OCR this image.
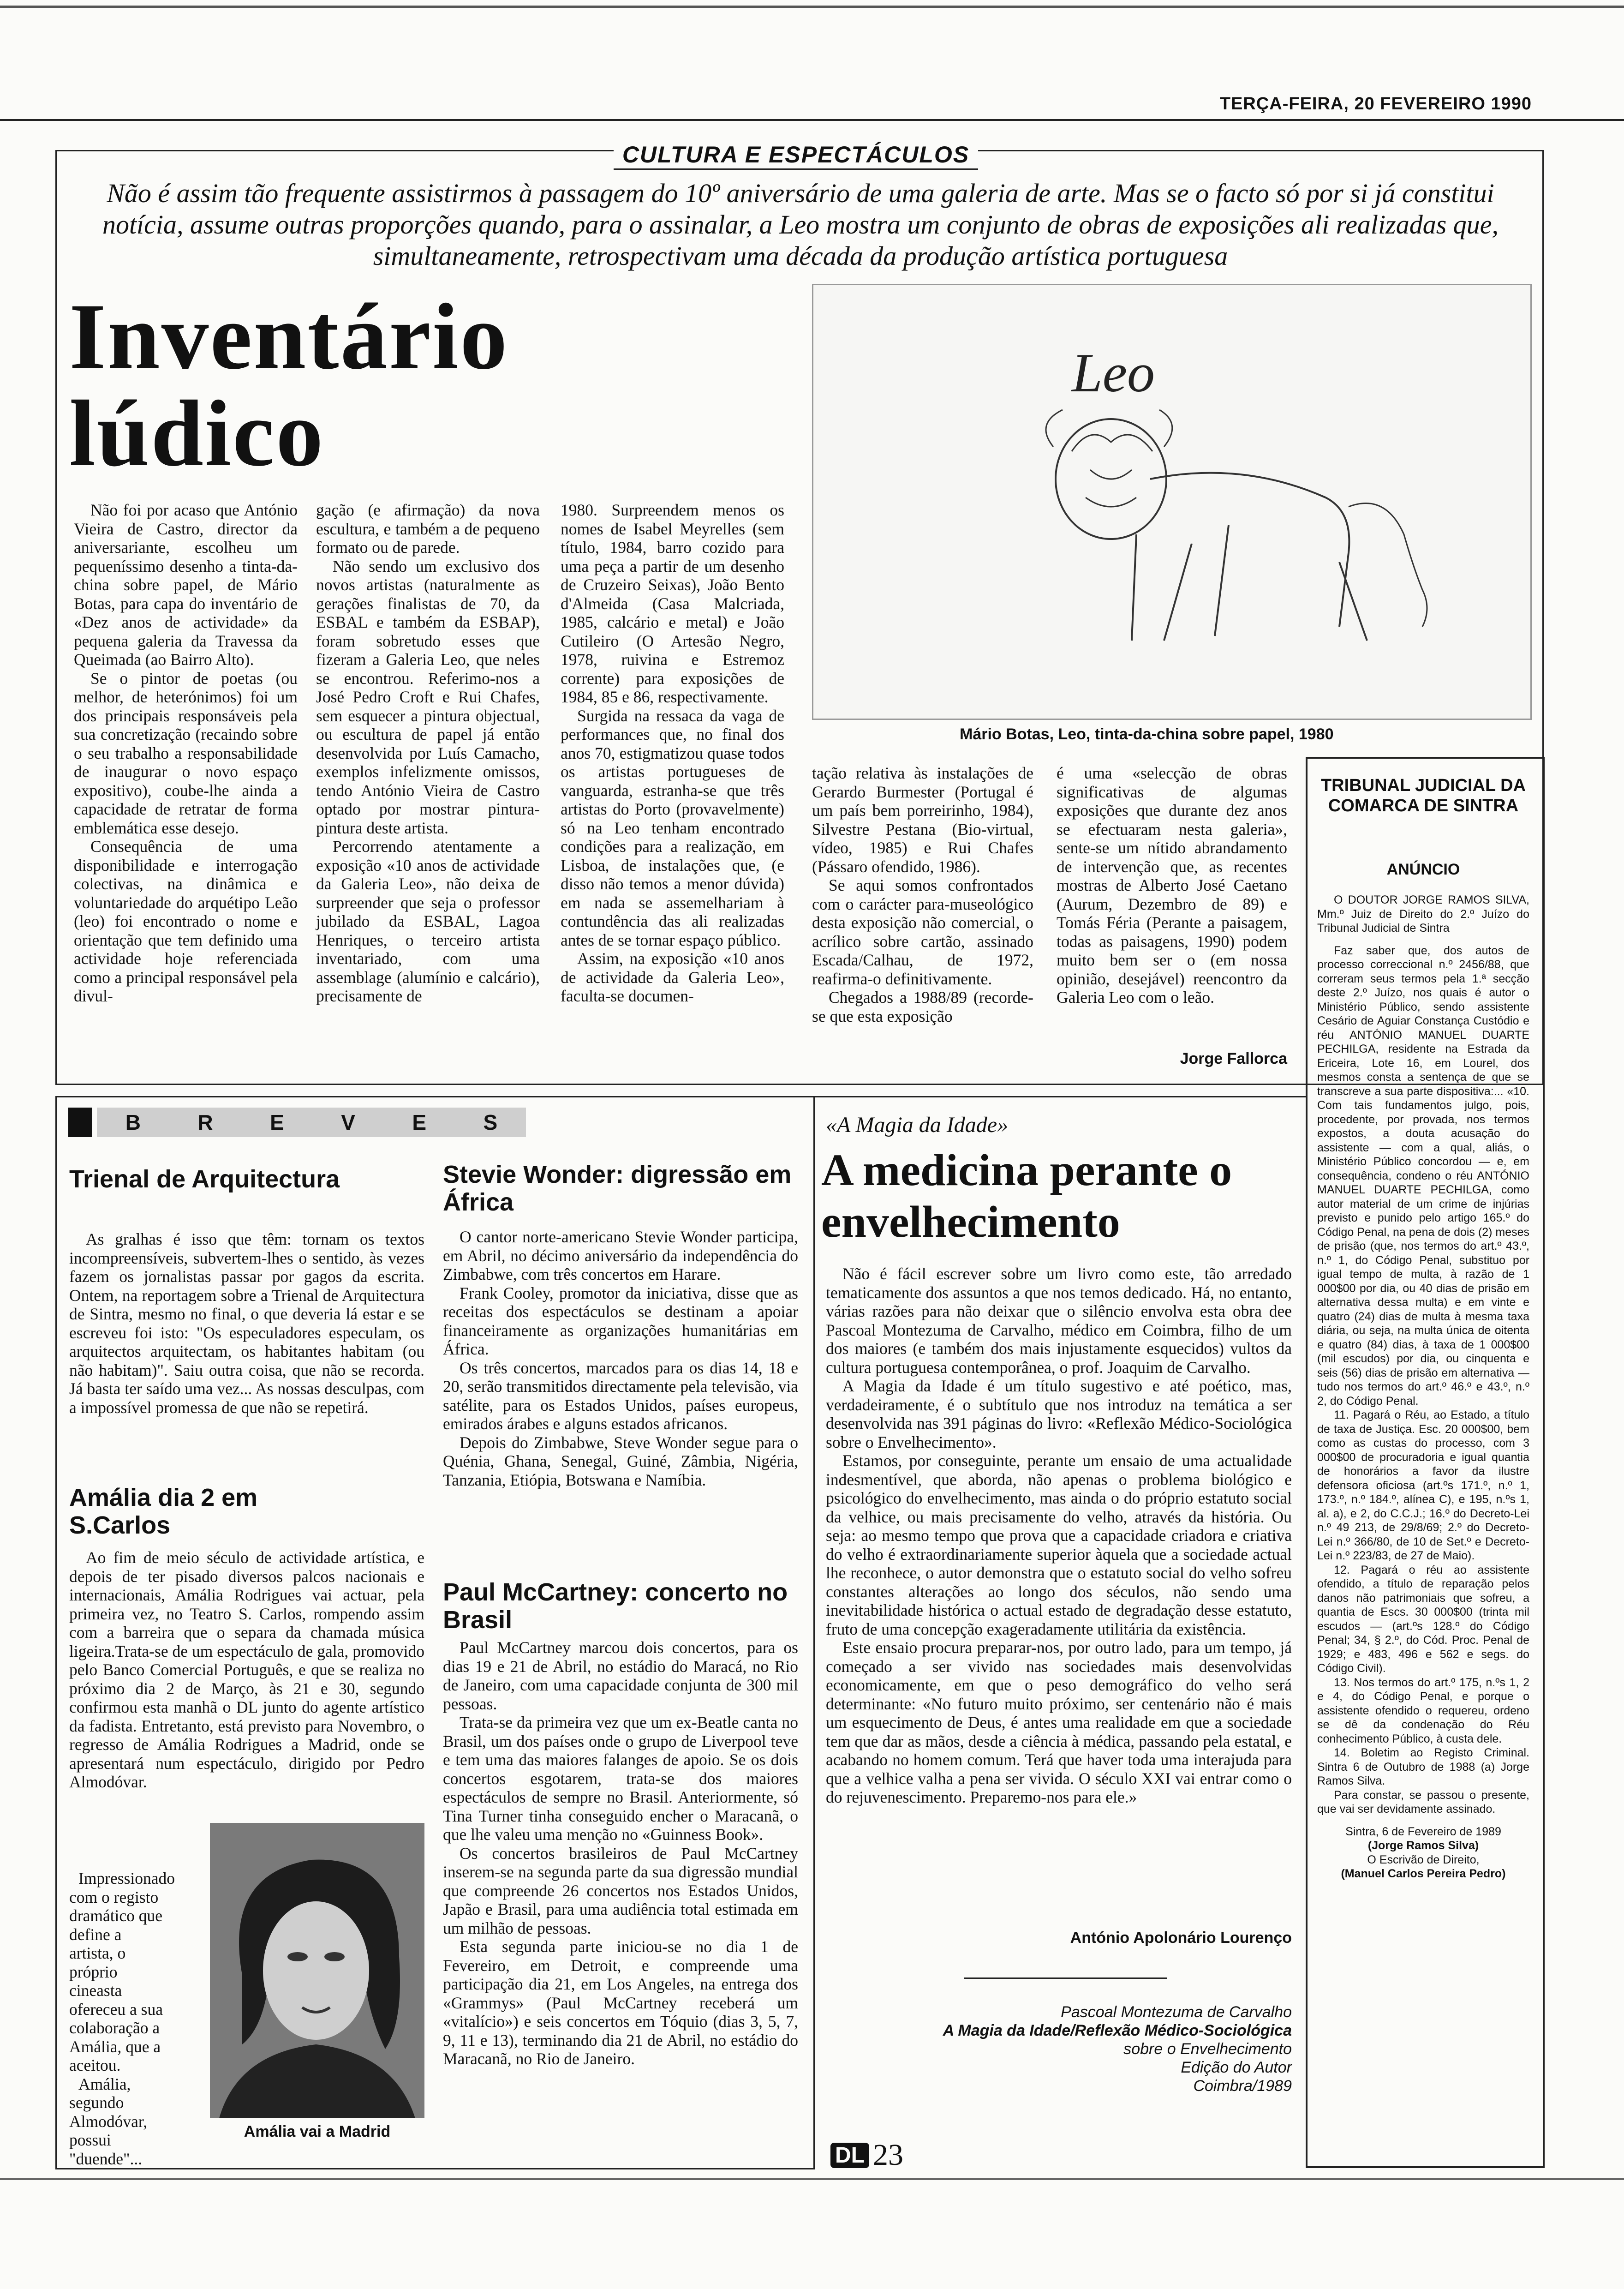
TERÇA-FEIRA, 20 FEVEREIRO 1990
CULTURA E ESPECTÁCULOS
Não é assim tão frequente assistirmos à passagem do 10º aniversário de uma galeria de arte. Mas se o facto só por si já constitui notícia, assume outras proporções quando, para o assinalar, a Leo mostra um conjunto de obras de exposições ali realizadas que, simultaneamente, retrospectivam uma década da produção artística portuguesa
Inventário
lúdico
Leo
Mário Botas, Leo, tinta-da-china sobre papel, 1980

Não foi por acaso que António Vieira de Castro, director da aniversariante, escolheu um pequeníssimo desenho a tinta-da-china sobre papel, de Mário Botas, para capa do inventário de «Dez anos de actividade» da pequena galeria da Travessa da Queimada (ao Bairro Alto).

Se o pintor de poetas (ou melhor, de heterónimos) foi um dos principais responsáveis pela sua concretização (recaindo sobre o seu trabalho a responsabilidade de inaugurar o novo espaço expositivo), coube-lhe ainda a capacidade de retratar de forma emblemática esse desejo.

Consequência de uma disponibilidade e interrogação colectivas, na dinâmica e voluntariedade do arquétipo Leão (leo) foi encontrado o nome e orientação que tem definido uma actividade hoje referenciada como a principal responsável pela divul-

gação (e afirmação) da nova escultura, e também a de pequeno formato ou de parede.

Não sendo um exclusivo dos novos artistas (naturalmente as gerações finalistas de 70, da ESBAL e também da ESBAP), foram sobretudo esses que fizeram a Galeria Leo, que neles se encontrou. Referimo-nos a José Pedro Croft e Rui Chafes, sem esquecer a pintura objectual, ou escultura de papel já então desenvolvida por Luís Camacho, exemplos infelizmente omissos, tendo António Vieira de Castro optado por mostrar pintura-pintura deste artista.

Percorrendo atentamente a exposição «10 anos de actividade da Galeria Leo», não deixa de surpreender que seja o professor jubilado da ESBAL, Lagoa Henriques, o terceiro artista inventariado, com uma assemblage (alumínio e calcário), precisamente de

1980. Surpreendem menos os nomes de Isabel Meyrelles (sem título, 1984, barro cozido para uma peça a partir de um desenho de Cruzeiro Seixas), João Bento d'Almeida (Casa Malcriada, 1985, calcário e metal) e João Cutileiro (O Artesão Negro, 1978, ruivina e Estremoz corrente) para exposições de 1984, 85 e 86, respectivamente.

Surgida na ressaca da vaga de performances que, no final dos anos 70, estigmatizou quase todos os artistas portugueses de vanguarda, estranha-se que três artistas do Porto (provavelmente) só na Leo tenham encontrado condições para a realização, em Lisboa, de instalações que, (e disso não temos a menor dúvida) em nada se assemelhariam à contundência das ali realizadas antes de se tornar espaço público.

Assim, na exposição «10 anos de actividade da Galeria Leo», faculta-se documen-

tação relativa às instalações de Gerardo Burmester (Portugal é um país bem porreirinho, 1984), Silvestre Pestana (Bio-virtual, vídeo, 1985) e Rui Chafes (Pássaro ofendido, 1986).

Se aqui somos confrontados com o carácter para-museológico desta exposição não comercial, o acrílico sobre cartão, assinado Escada/Calhau, de 1972, reafirma-o definitivamente.

Chegados a 1988/89 (recorde-se que esta exposição

é uma «selecção de obras significativas de algumas exposições que durante dez anos se efectuaram nesta galeria», sente-se um nítido abrandamento de intervenção que, as recentes mostras de Alberto José Caetano (Aurum, Dezembro de 89) e Tomás Féria (Perante a paisagem, todas as paisagens, 1990) podem muito bem ser o (em nossa opinião, desejável) reencontro da Galeria Leo com o leão.

Jorge Fallorca
TRIBUNAL JUDICIAL DA COMARCA DE SINTRA
ANÚNCIO

O DOUTOR JORGE RAMOS SILVA, Mm.º Juiz de Direito do 2.º Juízo do Tribunal Judicial de Sintra

Faz saber que, dos autos de processo correccional n.º 2456/88, que correram seus termos pela 1.ª secção deste 2.º Juízo, nos quais é autor o Ministério Público, sendo assistente Cesário de Aguiar Constança Custódio e réu ANTÓNIO MANUEL DUARTE PECHILGA, residente na Estrada da Ericeira, Lote 16, em Lourel, dos mesmos consta a sentença de que se transcreve a sua parte dispositiva:... «10. Com tais fundamentos julgo, pois, procedente, por provada, nos termos expostos, a douta acusação do assistente — com a qual, aliás, o Ministério Público concordou — e, em consequência, condeno o réu ANTÓNIO MANUEL DUARTE PECHILGA, como autor material de um crime de injúrias previsto e punido pelo artigo 165.º do Código Penal, na pena de dois (2) meses de prisão (que, nos termos do art.º 43.º, n.º 1, do Código Penal, substituo por igual tempo de multa, à razão de 1 000$00 por dia, ou 40 dias de prisão em alternativa dessa multa) e em vinte e quatro (24) dias de multa à mesma taxa diária, ou seja, na multa única de oitenta e quatro (84) dias, à taxa de 1 000$00 (mil escudos) por dia, ou cinquenta e seis (56) dias de prisão em alternativa — tudo nos termos do art.º 46.º e 43.º, n.º 2, do Código Penal.

11. Pagará o Réu, ao Estado, a título de taxa de Justiça. Esc. 20 000$00, bem como as custas do processo, com 3 000$00 de procuradoria e igual quantia de honorários a favor da ilustre defensora oficiosa (art.ºs 171.º, n.º 1, 173.º, n.º 184.º, alínea C), e 195, n.ºs 1, al. a), e 2, do C.C.J.; 16.º do Decreto-Lei n.º 49 213, de 29/8/69; 2.º do Decreto-Lei n.º 366/80, de 10 de Set.º e Decreto-Lei n.º 223/83, de 27 de Maio).

12. Pagará o réu ao assistente ofendido, a título de reparação pelos danos não patrimoniais que sofreu, a quantia de Escs. 30 000$00 (trinta mil escudos — (art.ºs 128.º do Código Penal; 34, § 2.º, do Cód. Proc. Penal de 1929; e 483, 496 e 562 e segs. do Código Civil).

13. Nos termos do art.º 175, n.ºs 1, 2 e 4, do Código Penal, e porque o assistente ofendido o requereu, ordeno se dê da condenação do Réu conhecimento Público, à custa dele.

14. Boletim ao Registo Criminal. Sintra 6 de Outubro de 1988 (a) Jorge Ramos Silva.

Para constar, se passou o presente, que vai ser devidamente assinado.

Sintra, 6 de Fevereiro de 1989
(Jorge Ramos Silva)
O Escrivão de Direito,
(Manuel Carlos Pereira Pedro)
B	R	E	V	E	S
Trienal de Arquitectura

As gralhas é isso que têm: tornam os textos incompreensíveis, subvertem-lhes o sentido, às vezes fazem os jornalistas passar por gagos da escrita. Ontem, na reportagem sobre a Trienal de Arquitectura de Sintra, mesmo no final, o que deveria lá estar e se escreveu foi isto: "Os especuladores especulam, os arquitectos arquitectam, os habitantes habitam (ou não habitam)". Saiu outra coisa, que não se recorda. Já basta ter saído uma vez... As nossas desculpas, com a impossível promessa de que não se repetirá.

Amália dia 2 em S.Carlos

Ao fim de meio século de actividade artística, e depois de ter pisado diversos palcos nacionais e internacionais, Amália Rodrigues vai actuar, pela primeira vez, no Teatro S. Carlos, rompendo assim com a barreira que o separa da chamada música ligeira.Trata-se de um espectáculo de gala, promovido pelo Banco Comercial Português, e que se realiza no próximo dia 2 de Março, às 21 e 30, segundo confirmou esta manhã o DL junto do agente artístico da fadista. Entretanto, está previsto para Novembro, o regresso de Amália Rodrigues a Madrid, onde se apresentará num espectáculo, dirigido por Pedro Almodóvar.

Impressionado com o registo dramático que define a artista, o próprio cineasta ofereceu a sua colaboração a Amália, que a aceitou.

Amália, segundo Almodóvar, possui "duende"...

Amália vai a Madrid
Stevie Wonder: digressão em África

O cantor norte-americano Stevie Wonder participa, em Abril, no décimo aniversário da independência do Zimbabwe, com três concertos em Harare.

Frank Cooley, promotor da iniciativa, disse que as receitas dos espectáculos se destinam a apoiar financeiramente as organizações humanitárias em África.

Os três concertos, marcados para os dias 14, 18 e 20, serão transmitidos directamente pela televisão, via satélite, para os Estados Unidos, países europeus, emirados árabes e alguns estados africanos.

Depois do Zimbabwe, Steve Wonder segue para o Quénia, Ghana, Senegal, Guiné, Zâmbia, Nigéria, Tanzania, Etiópia, Botswana e Namíbia.

Paul McCartney: concerto no Brasil

Paul McCartney marcou dois concertos, para os dias 19 e 21 de Abril, no estádio do Maracá, no Rio de Janeiro, com uma capacidade conjunta de 300 mil pessoas.

Trata-se da primeira vez que um ex-Beatle canta no Brasil, um dos países onde o grupo de Liverpool teve e tem uma das maiores falanges de apoio. Se os dois concertos esgotarem, trata-se dos maiores espectáculos de sempre no Brasil. Anteriormente, só Tina Turner tinha conseguido encher o Maracanã, o que lhe valeu uma menção no «Guinness Book».

Os concertos brasileiros de Paul McCartney inserem-se na segunda parte da sua digressão mundial que compreende 26 concertos nos Estados Unidos, Japão e Brasil, para uma audiência total estimada em um milhão de pessoas.

Esta segunda parte iniciou-se no dia 1 de Fevereiro, em Detroit, e compreende uma participação dia 21, em Los Angeles, na entrega dos «Grammys» (Paul McCartney receberá um «vitalício») e seis concertos em Tóquio (dias 3, 5, 7, 9, 11 e 13), terminando dia 21 de Abril, no estádio do Maracanã, no Rio de Janeiro.

«A Magia da Idade»
A medicina perante o envelhecimento

Não é fácil escrever sobre um livro como este, tão arredado tematicamente dos assuntos a que nos temos dedicado. Há, no entanto, várias razões para não deixar que o silêncio envolva esta obra dee Pascoal Montezuma de Carvalho, médico em Coimbra, filho de um dos maiores (e também dos mais injustamente esquecidos) vultos da cultura portuguesa contemporânea, o prof. Joaquim de Carvalho.

A Magia da Idade é um título sugestivo e até poético, mas, verdadeiramente, é o subtítulo que nos introduz na temática a ser desenvolvida nas 391 páginas do livro: «Reflexão Médico-Sociológica sobre o Envelhecimento».

Estamos, por conseguinte, perante um ensaio de uma actualidade indesmentível, que aborda, não apenas o problema biológico e psicológico do envelhecimento, mas ainda o do próprio estatuto social da velhice, ou mais precisamente do velho, através da história. Ou seja: ao mesmo tempo que prova que a capacidade criadora e criativa do velho é extraordinariamente superior àquela que a sociedade actual lhe reconhece, o autor demonstra que o estatuto social do velho sofreu constantes alterações ao longo dos séculos, não sendo uma inevitabilidade histórica o actual estado de degradação desse estatuto, fruto de uma concepção exageradamente utilitária da existência.

Este ensaio procura preparar-nos, por outro lado, para um tempo, já começado a ser vivido nas sociedades mais desenvolvidas economicamente, em que o peso demográfico do velho será determinante: «No futuro muito próximo, ser centenário não é mais um esquecimento de Deus, é antes uma realidade em que a sociedade tem que dar as mãos, desde a ciência à médica, passando pela estatal, e acabando no homem comum. Terá que haver toda uma interajuda para que a velhice valha a pena ser vivida. O século XXI vai entrar como o do rejuvenescimento. Preparemo-nos para ele.»

António Apolonário Lourenço
Pascoal Montezuma de Carvalho
A Magia da Idade/Reflexão Médico-Sociológica
sobre o Envelhecimento
Edição do Autor
Coimbra/1989
DL 23
